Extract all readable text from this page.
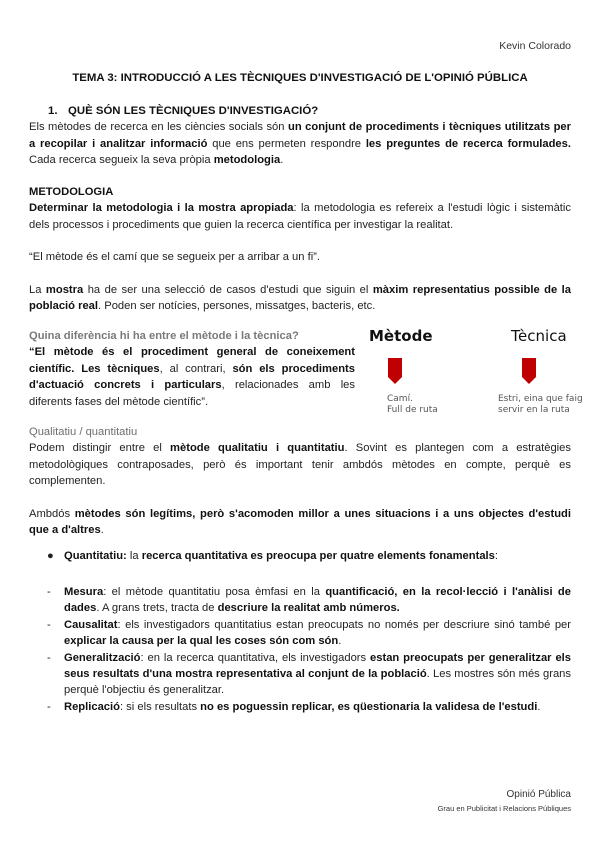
Kevin Colorado
TEMA 3: INTRODUCCIÓ A LES TÈCNIQUES D'INVESTIGACIÓ DE L'OPINIÓ PÚBLICA
1. QUÈ SÓN LES TÈCNIQUES D'INVESTIGACIÓ?
Els mètodes de recerca en les ciències socials són un conjunt de procediments i tècniques utilitzats per a recopilar i analitzar informació que ens permeten respondre les preguntes de recerca formulades. Cada recerca segueix la seva pròpia metodologia.
METODOLOGIA
Determinar la metodologia i la mostra apropiada: la metodologia es refereix a l'estudi lògic i sistemàtic dels processos i procediments que guien la recerca científica per investigar la realitat.
“El mètode és el camí que se segueix per a arribar a un fi”.
La mostra ha de ser una selecció de casos d'estudi que siguin el màxim representatius possible de la població real. Poden ser notícies, persones, missatges, bacteris, etc.
Quina diferència hi ha entre el mètode i la tècnica?
“El mètode és el procediment general de coneixement científic. Les tècniques, al contrari, són els procediments d'actuació concrets i particulars, relacionades amb les diferents fases del mètode científic”.
Mètode	Tècnica
Camí.
Full de ruta
Estri, eina que faig
servir en la ruta
Qualitatiu / quantitatiu
Podem distingir entre el mètode qualitatiu i quantitatiu. Sovint es plantegen com a estratègies metodològiques contraposades, però és important tenir ambdós mètodes en compte, perquè es complementen.
Ambdós mètodes són legítims, però s'acomoden millor a unes situacions i a uns objectes d'estudi que a d'altres.
● Quantitatiu: la recerca quantitativa es preocupa per quatre elements fonamentals:
- Mesura: el mètode quantitatiu posa èmfasi en la quantificació, en la recol·lecció i l'anàlisi de dades. A grans trets, tracta de descriure la realitat amb números.
- Causalitat: els investigadors quantitatius estan preocupats no només per descriure sinó també per explicar la causa per la qual les coses són com són.
- Generalització: en la recerca quantitativa, els investigadors estan preocupats per generalitzar els seus resultats d'una mostra representativa al conjunt de la població. Les mostres són més grans perquè l'objectiu és generalitzar.
- Replicació: si els resultats no es poguessin replicar, es qüestionaria la validesa de l'estudi.
Opinió Pública
Grau en Publicitat i Relacions Públiques
